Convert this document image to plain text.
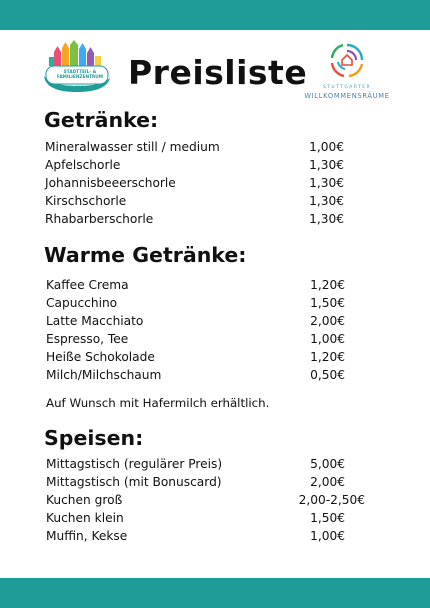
STADTTEIL- &
FAMILIENZENTRUM
FEUERBACH	Preisliste	STUTTGARTER
WILLKOMMENSRÄUME
Getränke:
Mineralwasser still / medium	1,00€
Apfelschorle	1,30€
Johannisbeeerschorle	1,30€
Kirschschorle	1,30€
Rhabarberschorle	1,30€
Warme Getränke:
Kaffee Crema	1,20€
Capucchino	1,50€
Latte Macchiato	2,00€
Espresso, Tee	1,00€
Heiße Schokolade	1,20€
Milch/Milchschaum	0,50€
Auf Wunsch mit Hafermilch erhältlich.
Speisen:
Mittagstisch (regulärer Preis)	5,00€
Mittagstisch (mit Bonuscard)	2,00€
Kuchen groß	2,00-2,50€
Kuchen klein	1,50€
Muffin, Kekse	1,00€
